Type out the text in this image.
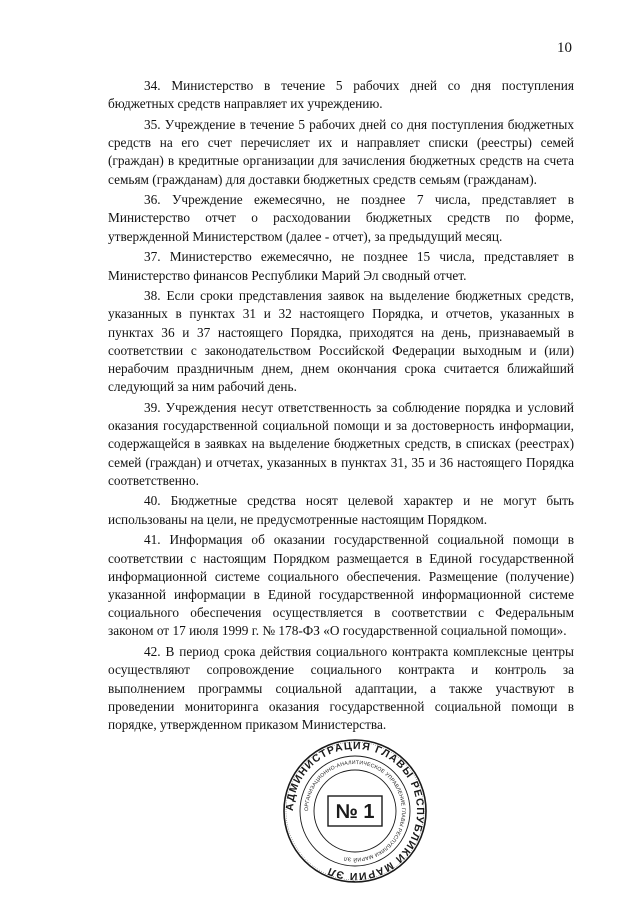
10

34. Министерство в течение 5 рабочих дней со дня поступления бюджетных средств направляет их учреждению.

35. Учреждение в течение 5 рабочих дней со дня поступления бюджетных средств на его счет перечисляет их и направляет списки (реестры) семей (граждан) в кредитные организации для зачисления бюджетных средств на счета семьям (гражданам) для доставки бюджетных средств семьям (гражданам).

36. Учреждение ежемесячно, не позднее 7 числа, представляет в Министерство отчет о расходовании бюджетных средств по форме, утвержденной Министерством (далее - отчет), за предыдущий месяц.

37. Министерство ежемесячно, не позднее 15 числа, представляет в Министерство финансов Республики Марий Эл сводный отчет.

38. Если сроки представления заявок на выделение бюджетных средств, указанных в пунктах 31 и 32 настоящего Порядка, и отчетов, указанных в пунктах 36 и 37 настоящего Порядка, приходятся на день, признаваемый в соответствии с законодательством Российской Федерации выходным и (или) нерабочим праздничным днем, днем окончания срока считается ближайший следующий за ним рабочий день.

39. Учреждения несут ответственность за соблюдение порядка и условий оказания государственной социальной помощи и за достоверность информации, содержащейся в заявках на выделение бюджетных средств, в списках (реестрах) семей (граждан) и отчетах, указанных в пунктах 31, 35 и 36 настоящего Порядка соответственно.

40. Бюджетные средства носят целевой характер и не могут быть использованы на цели, не предусмотренные настоящим Порядком.

41. Информация об оказании государственной социальной помощи в соответствии с настоящим Порядком размещается в Единой государственной информационной системе социального обеспечения. Размещение (получение) указанной информации в Единой государственной информационной системе социального обеспечения осуществляется в соответствии с Федеральным законом от 17 июля 1999 г. № 178-ФЗ «О государственной социальной помощи».

42. В период срока действия социального контракта комплексные центры осуществляют сопровождение социального контракта и контроль за выполнением программы социальной адаптации, а также участвуют в проведении мониторинга оказания государственной социальной помощи в порядке, утвержденном приказом Министерства.

АДМИНИСТРАЦИЯ ГЛАВЫ РЕСПУБЛИКИ МАРИЙ ЭЛ
ОРГАНИЗАЦИОННО-АНАЛИТИЧЕСКОЕ УПРАВЛЕНИЕ ГЛАВЫ РЕСПУБЛИКИ МАРИЙ ЭЛ
№ 1
